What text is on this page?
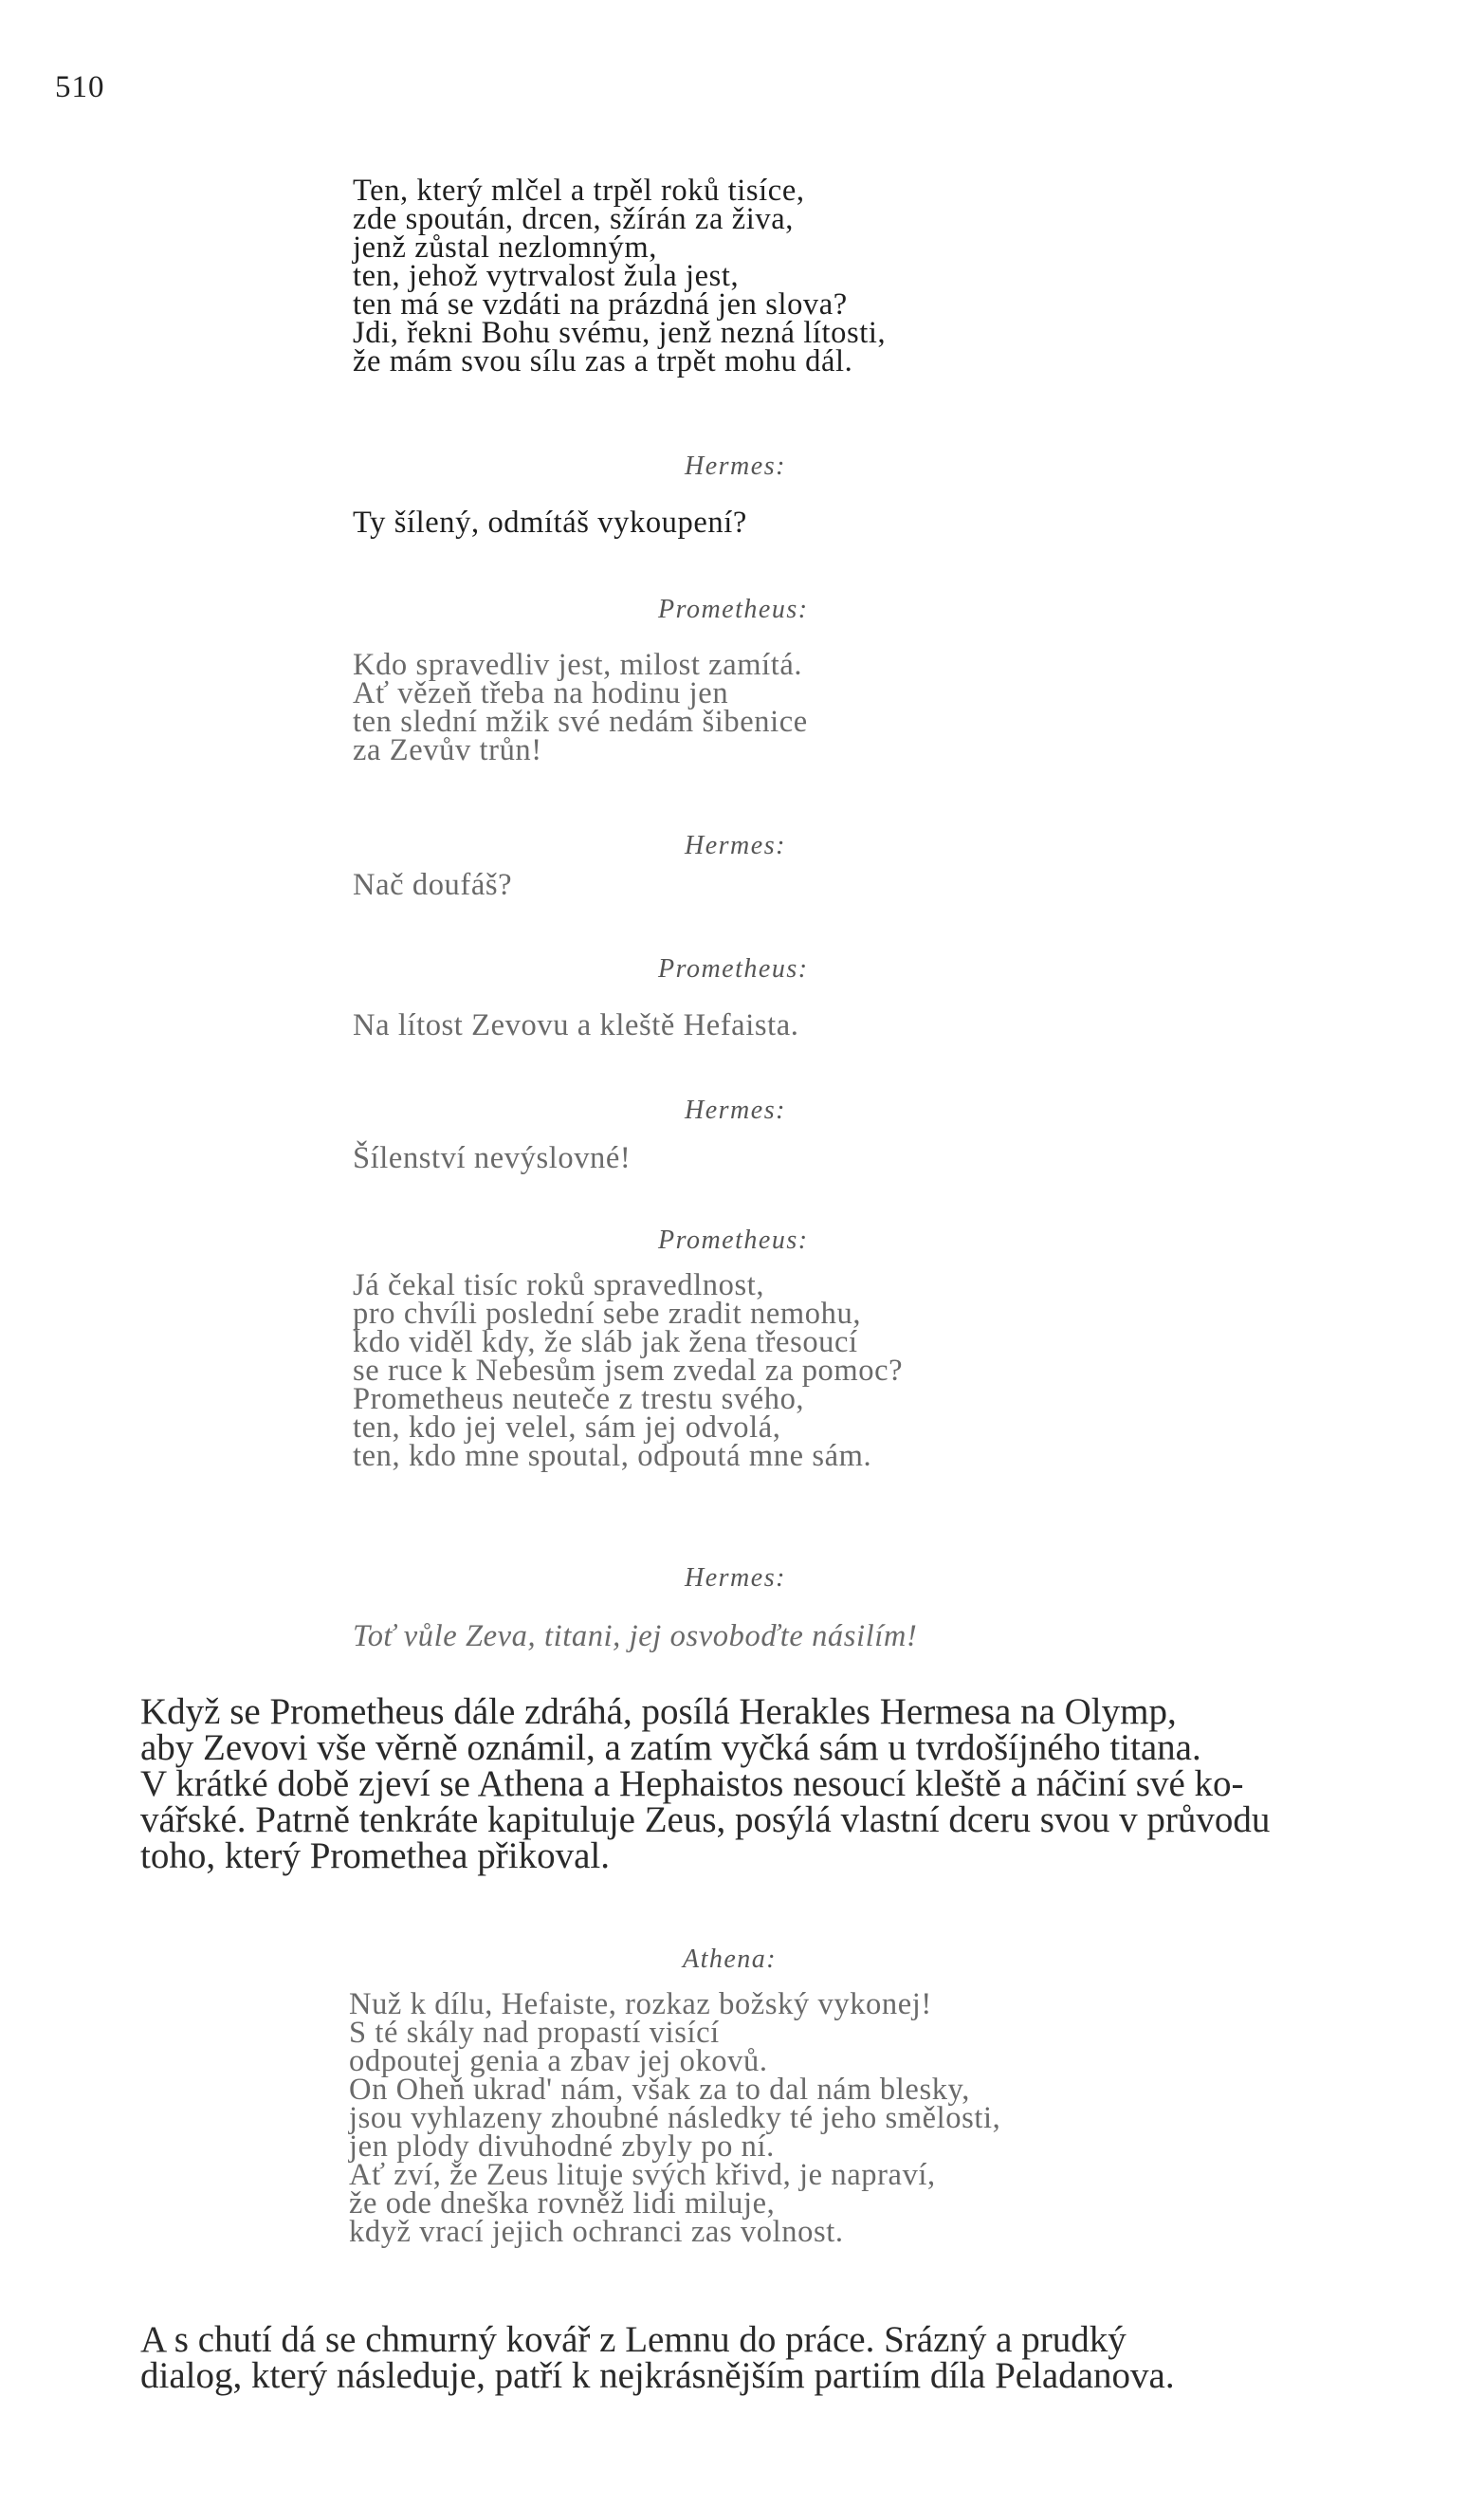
510
Ten, který mlčel a trpěl roků tisíce,
zde spoután, drcen, sžírán za živa,
jenž zůstal nezlomným,
ten, jehož vytrvalost žula jest,
ten má se vzdáti na prázdná jen slova?
Jdi, řekni Bohu svému, jenž nezná lítosti,
že mám svou sílu zas a trpět mohu dál.
Hermes:
Ty šílený, odmítáš vykoupení?
Prometheus:
Kdo spravedliv jest, milost zamítá.
Ať vězeň třeba na hodinu jen
ten slední mžik své nedám šibenice
za Zevův trůn!
Hermes:
Nač doufáš?
Prometheus:
Na lítost Zevovu a kleště Hefaista.
Hermes:
Šílenství nevýslovné!
Prometheus:
Já čekal tisíc roků spravedlnost,
pro chvíli poslední sebe zradit nemohu,
kdo viděl kdy, že sláb jak žena třesoucí
se ruce k Nebesům jsem zvedal za pomoc?
Prometheus neuteče z trestu svého,
ten, kdo jej velel, sám jej odvolá,
ten, kdo mne spoutal, odpoutá mne sám.
Hermes:
Toť vůle Zeva, titani, jej osvoboďte násilím!
Když se Prometheus dále zdráhá, posílá Herakles Hermesa na Olymp,
aby Zevovi vše věrně oznámil, a zatím vyčká sám u tvrdošíjného titana.
V krátké době zjeví se Athena a Hephaistos nesoucí kleště a náčiní své ko-
vářské. Patrně tenkráte kapituluje Zeus, posýlá vlastní dceru svou v průvodu
toho, který Promethea přikoval.
Athena:
Nuž k dílu, Hefaiste, rozkaz božský vykonej!
S té skály nad propastí visící
odpoutej genia a zbav jej okovů.
On Oheň ukrad' nám, však za to dal nám blesky,
jsou vyhlazeny zhoubné následky té jeho smělosti,
jen plody divuhodné zbyly po ní.
Ať zví, že Zeus lituje svých křivd, je napraví,
že ode dneška rovněž lidi miluje,
když vrací jejich ochranci zas volnost.
A s chutí dá se chmurný kovář z Lemnu do práce. Srázný a prudký
dialog, který následuje, patří k nejkrásnějším partiím díla Peladanova.
